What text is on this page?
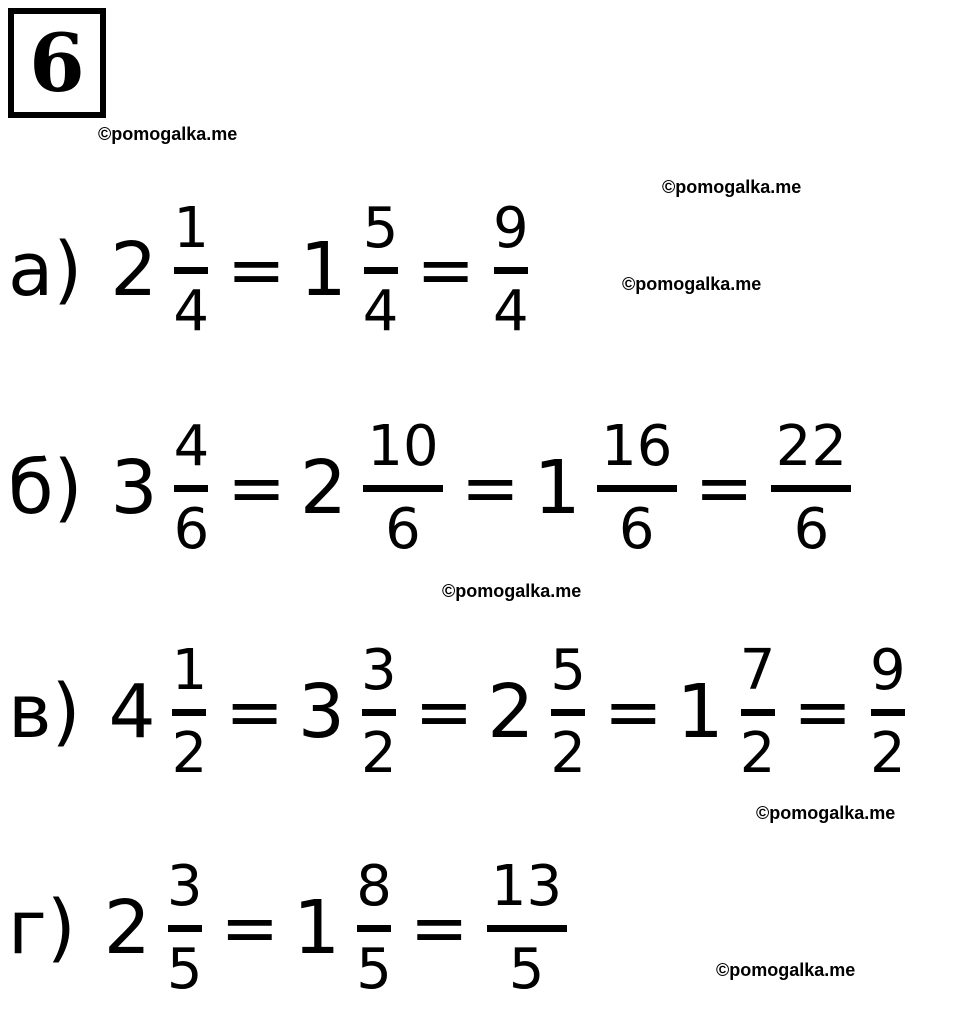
6
©pomogalka.me
©pomogalka.me
©pomogalka.me
©pomogalka.me
©pomogalka.me
©pomogalka.me
а) 2 1
4 = 1 5
4 =
9
4
б) 3 4
6 = 2 10
6 = 1 16
6 =
22
6
в) 4 1
2 = 3 3
2 = 2 5
2 = 1 7
2 =
9
2
г) 2 3
5 = 1 8
5 =
13
5
